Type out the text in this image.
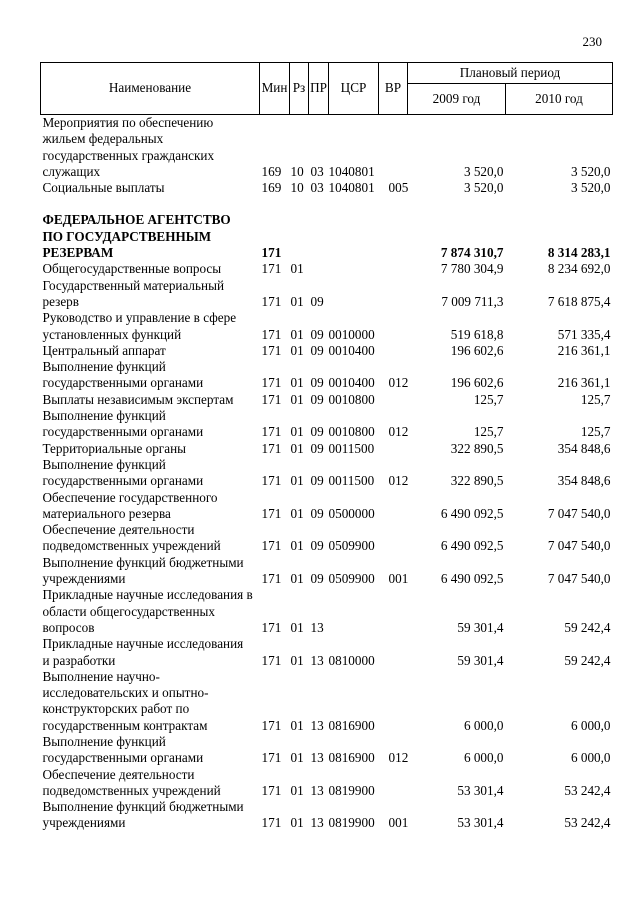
230
Наименование	Мин	Рз	ПР	ЦСР	ВР	Плановый период	
						2009 год	2010 год
Мероприятия по обеспечению жильем федеральных государственных гражданских служащих	169	10	03	1040801		3 520,0	3 520,0
Социальные выплаты	169	10	03	1040801	005	3 520,0	3 520,0

ФЕДЕРАЛЬНОЕ АГЕНТСТВО ПО ГОСУДАРСТВЕННЫМ РЕЗЕРВАМ	171					7 874 310,7	8 314 283,1
Общегосударственные вопросы	171	01				7 780 304,9	8 234 692,0
Государственный материальный резерв	171	01	09			7 009 711,3	7 618 875,4
Руководство и управление в сфере установленных функций	171	01	09	0010000		519 618,8	571 335,4
Центральный аппарат	171	01	09	0010400		196 602,6	216 361,1
Выполнение функций государственными органами	171	01	09	0010400	012	196 602,6	216 361,1
Выплаты независимым экспертам	171	01	09	0010800		125,7	125,7
Выполнение функций государственными органами	171	01	09	0010800	012	125,7	125,7
Территориальные органы	171	01	09	0011500		322 890,5	354 848,6
Выполнение функций государственными органами	171	01	09	0011500	012	322 890,5	354 848,6
Обеспечение государственного материального резерва	171	01	09	0500000		6 490 092,5	7 047 540,0
Обеспечение деятельности подведомственных учреждений	171	01	09	0509900		6 490 092,5	7 047 540,0
Выполнение функций бюджетными учреждениями	171	01	09	0509900	001	6 490 092,5	7 047 540,0
Прикладные научные исследования в области общегосударственных вопросов	171	01	13			59 301,4	59 242,4
Прикладные научные исследования и разработки	171	01	13	0810000		59 301,4	59 242,4
Выполнение научно-исследовательских и опытно-конструкторских работ по государственным контрактам	171	01	13	0816900		6 000,0	6 000,0
Выполнение функций государственными органами	171	01	13	0816900	012	6 000,0	6 000,0
Обеспечение деятельности подведомственных учреждений	171	01	13	0819900		53 301,4	53 242,4
Выполнение функций бюджетными учреждениями	171	01	13	0819900	001	53 301,4	53 242,4
